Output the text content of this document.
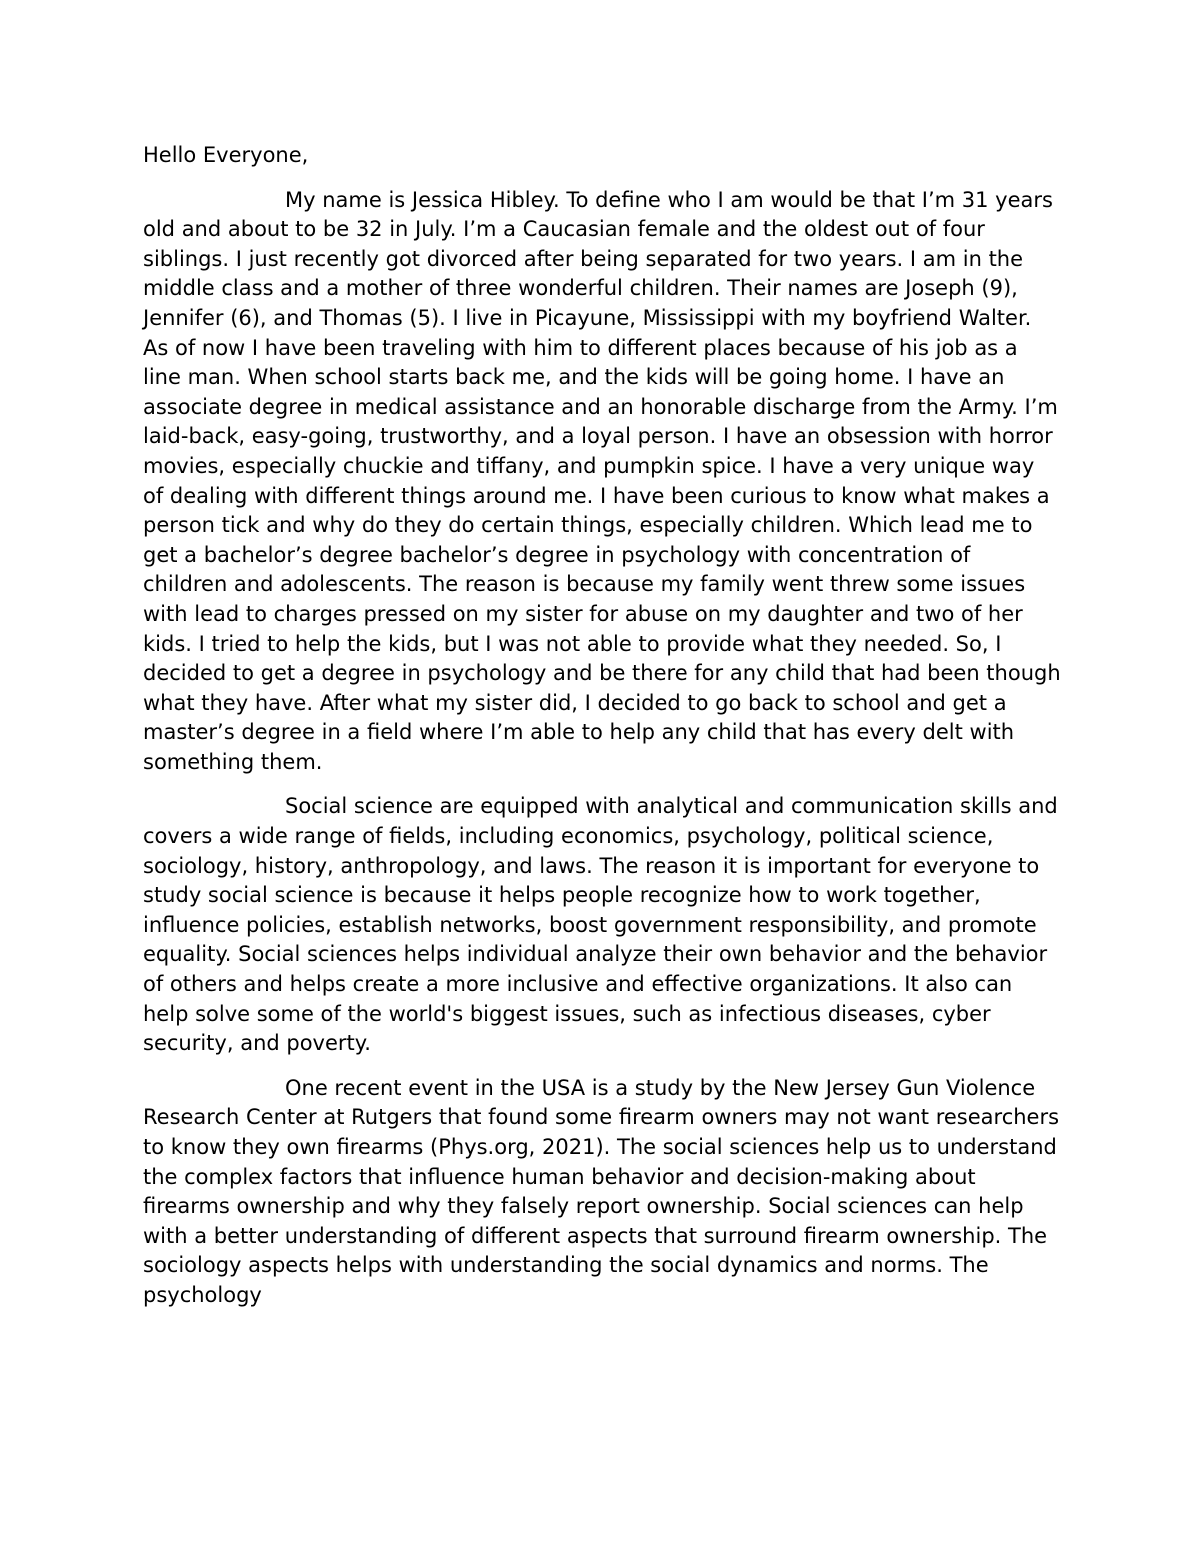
Hello Everyone,

My name is Jessica Hibley. To define who I am would be that I’m 31 years old and about to be 32 in July. I’m a Caucasian female and the oldest out of four siblings. I just recently got divorced after being separated for two years. I am in the middle class and a mother of three wonderful children. Their names are Joseph (9), Jennifer (6), and Thomas (5). I live in Picayune, Mississippi with my boyfriend Walter. As of now I have been traveling with him to different places because of his job as a line man. When school starts back me, and the kids will be going home. I have an associate degree in medical assistance and an honorable discharge from the Army. I’m laid-back, easy-going, trustworthy, and a loyal person. I have an obsession with horror movies, especially chuckie and tiffany, and pumpkin spice. I have a very unique way of dealing with different things around me. I have been curious to know what makes a person tick and why do they do certain things, especially children. Which lead me to get a bachelor’s degree bachelor’s degree in psychology with concentration of children and adolescents. The reason is because my family went threw some issues with lead to charges pressed on my sister for abuse on my daughter and two of her kids. I tried to help the kids, but I was not able to provide what they needed. So, I decided to get a degree in psychology and be there for any child that had been though what they have. After what my sister did, I decided to go back to school and get a master’s degree in a field where I’m able to help any child that has every delt with something them.

Social science are equipped with analytical and communication skills and covers a wide range of fields, including economics, psychology, political science, sociology, history, anthropology, and laws. The reason it is important for everyone to study social science is because it helps people recognize how to work together, influence policies, establish networks, boost government responsibility, and promote equality. Social sciences helps individual analyze their own behavior and the behavior of others and helps create a more inclusive and effective organizations. It also can help solve some of the world's biggest issues, such as infectious diseases, cyber security, and poverty.

One recent event in the USA is a study by the New Jersey Gun Violence Research Center at Rutgers that found some firearm owners may not want researchers to know they own firearms (Phys.org, 2021). The social sciences help us to understand the complex factors that influence human behavior and decision-making about firearms ownership and why they falsely report ownership. Social sciences can help with a better understanding of different aspects that surround firearm ownership. The sociology aspects helps with understanding the social dynamics and norms. The psychology
